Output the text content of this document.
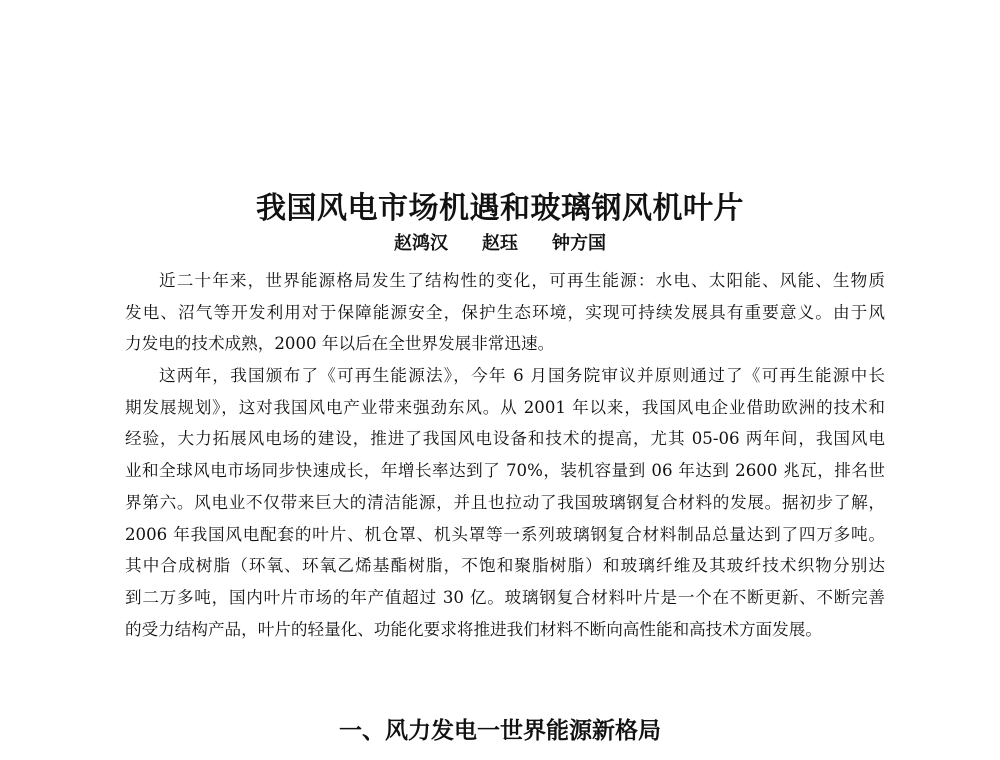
我国风电市场机遇和玻璃钢风机叶片
赵鸿汉 赵珏 钟方国
近二十年来，世界能源格局发生了结构性的变化，可再生能源：水电、太阳能、风能、生物质
发电、沼气等开发利用对于保障能源安全，保护生态环境，实现可持续发展具有重要意义。由于风
力发电的技术成熟，2000 年以后在全世界发展非常迅速。
这两年，我国颁布了《可再生能源法》，今年 6 月国务院审议并原则通过了《可再生能源中长
期发展规划》，这对我国风电产业带来强劲东风。从 2001 年以来，我国风电企业借助欧洲的技术和
经验，大力拓展风电场的建设，推进了我国风电设备和技术的提高，尤其 05-06 两年间，我国风电
业和全球风电市场同步快速成长，年增长率达到了 70%，装机容量到 06 年达到 2600 兆瓦，排名世
界第六。风电业不仅带来巨大的清洁能源，并且也拉动了我国玻璃钢复合材料的发展。据初步了解，
2006 年我国风电配套的叶片、机仓罩、机头罩等一系列玻璃钢复合材料制品总量达到了四万多吨。
其中合成树脂（环氧、环氧乙烯基酯树脂，不饱和聚脂树脂）和玻璃纤维及其玻纤技术织物分别达
到二万多吨，国内叶片市场的年产值超过 30 亿。玻璃钢复合材料叶片是一个在不断更新、不断完善
的受力结构产品，叶片的轻量化、功能化要求将推进我们材料不断向高性能和高技术方面发展。
一、风力发电一世界能源新格局
